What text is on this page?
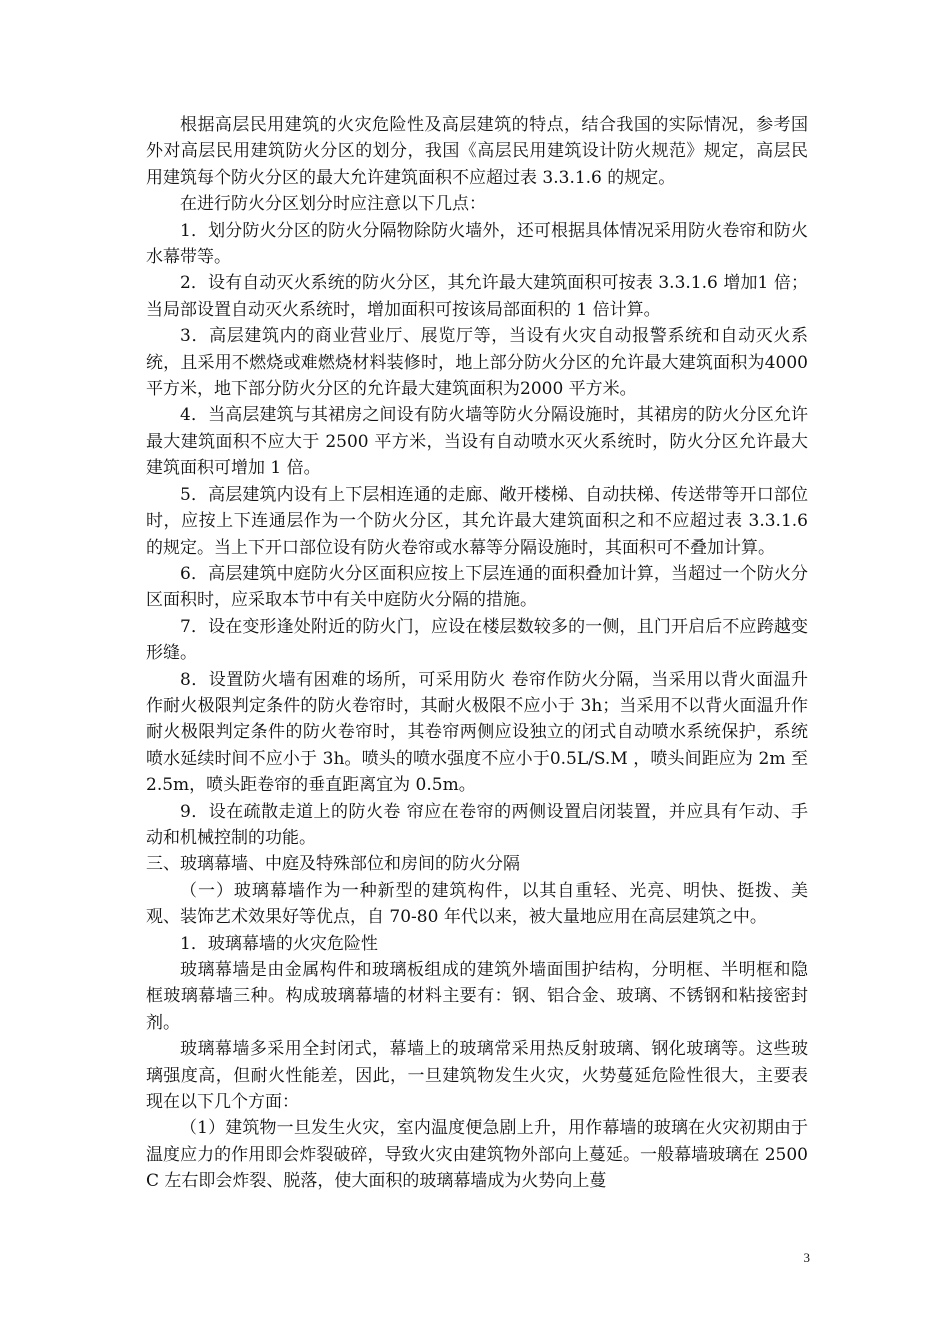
根据高层民用建筑的火灾危险性及高层建筑的特点，结合我国的实际情况，参考国外对高层民用建筑防火分区的划分，我国《高层民用建筑设计防火规范》规定，高层民用建筑每个防火分区的最大允许建筑面积不应超过表 3.3.1.6 的规定。

在进行防火分区划分时应注意以下几点：

1．划分防火分区的防火分隔物除防火墙外，还可根据具体情况采用防火卷帘和防火水幕带等。

2．设有自动灭火系统的防火分区，其允许最大建筑面积可按表 3.3.1.6 增加1 倍；当局部设置自动灭火系统时，增加面积可按该局部面积的 1 倍计算。

3．高层建筑内的商业营业厅、展览厅等，当设有火灾自动报警系统和自动灭火系统，且采用不燃烧或难燃烧材料装修时，地上部分防火分区的允许最大建筑面积为4000 平方米，地下部分防火分区的允许最大建筑面积为2000 平方米。

4．当高层建筑与其裙房之间设有防火墙等防火分隔设施时，其裙房的防火分区允许最大建筑面积不应大于 2500 平方米，当设有自动喷水灭火系统时，防火分区允许最大建筑面积可增加 1 倍。

5．高层建筑内设有上下层相连通的走廊、敞开楼梯、自动扶梯、传送带等开口部位时，应按上下连通层作为一个防火分区，其允许最大建筑面积之和不应超过表 3.3.1.6 的规定。当上下开口部位设有防火卷帘或水幕等分隔设施时，其面积可不叠加计算。

6．高层建筑中庭防火分区面积应按上下层连通的面积叠加计算，当超过一个防火分区面积时，应采取本节中有关中庭防火分隔的措施。

7．设在变形逢处附近的防火门，应设在楼层数较多的一侧，且门开启后不应跨越变形缝。

8．设置防火墙有困难的场所，可采用防火 卷帘作防火分隔，当采用以背火面温升作耐火极限判定条件的防火卷帘时，其耐火极限不应小于 3h；当采用不以背火面温升作耐火极限判定条件的防火卷帘时，其卷帘两侧应设独立的闭式自动喷水系统保护，系统喷水延续时间不应小于 3h。喷头的喷水强度不应小于0.5L/S.M ，喷头间距应为 2m 至 2.5m，喷头距卷帘的垂直距离宜为 0.5m。

9．设在疏散走道上的防火卷 帘应在卷帘的两侧设置启闭装置，并应具有乍动、手动和机械控制的功能。

三、玻璃幕墙、中庭及特殊部位和房间的防火分隔

（一）玻璃幕墙作为一种新型的建筑构件，以其自重轻、光亮、明快、挺拨、美观、装饰艺术效果好等优点，自 70-80 年代以来，被大量地应用在高层建筑之中。

1．玻璃幕墙的火灾危险性

玻璃幕墙是由金属构件和玻璃板组成的建筑外墙面围护结构，分明框、半明框和隐框玻璃幕墙三种。构成玻璃幕墙的材料主要有：钢、铝合金、玻璃、不锈钢和粘接密封剂。

玻璃幕墙多采用全封闭式，幕墙上的玻璃常采用热反射玻璃、钢化玻璃等。这些玻璃强度高，但耐火性能差，因此，一旦建筑物发生火灾，火势蔓延危险性很大，主要表现在以下几个方面：

（1）建筑物一旦发生火灾，室内温度便急剧上升，用作幕墙的玻璃在火灾初期由于温度应力的作用即会炸裂破碎，导致火灾由建筑物外部向上蔓延。一般幕墙玻璃在 2500 C 左右即会炸裂、脱落，使大面积的玻璃幕墙成为火势向上蔓

3
